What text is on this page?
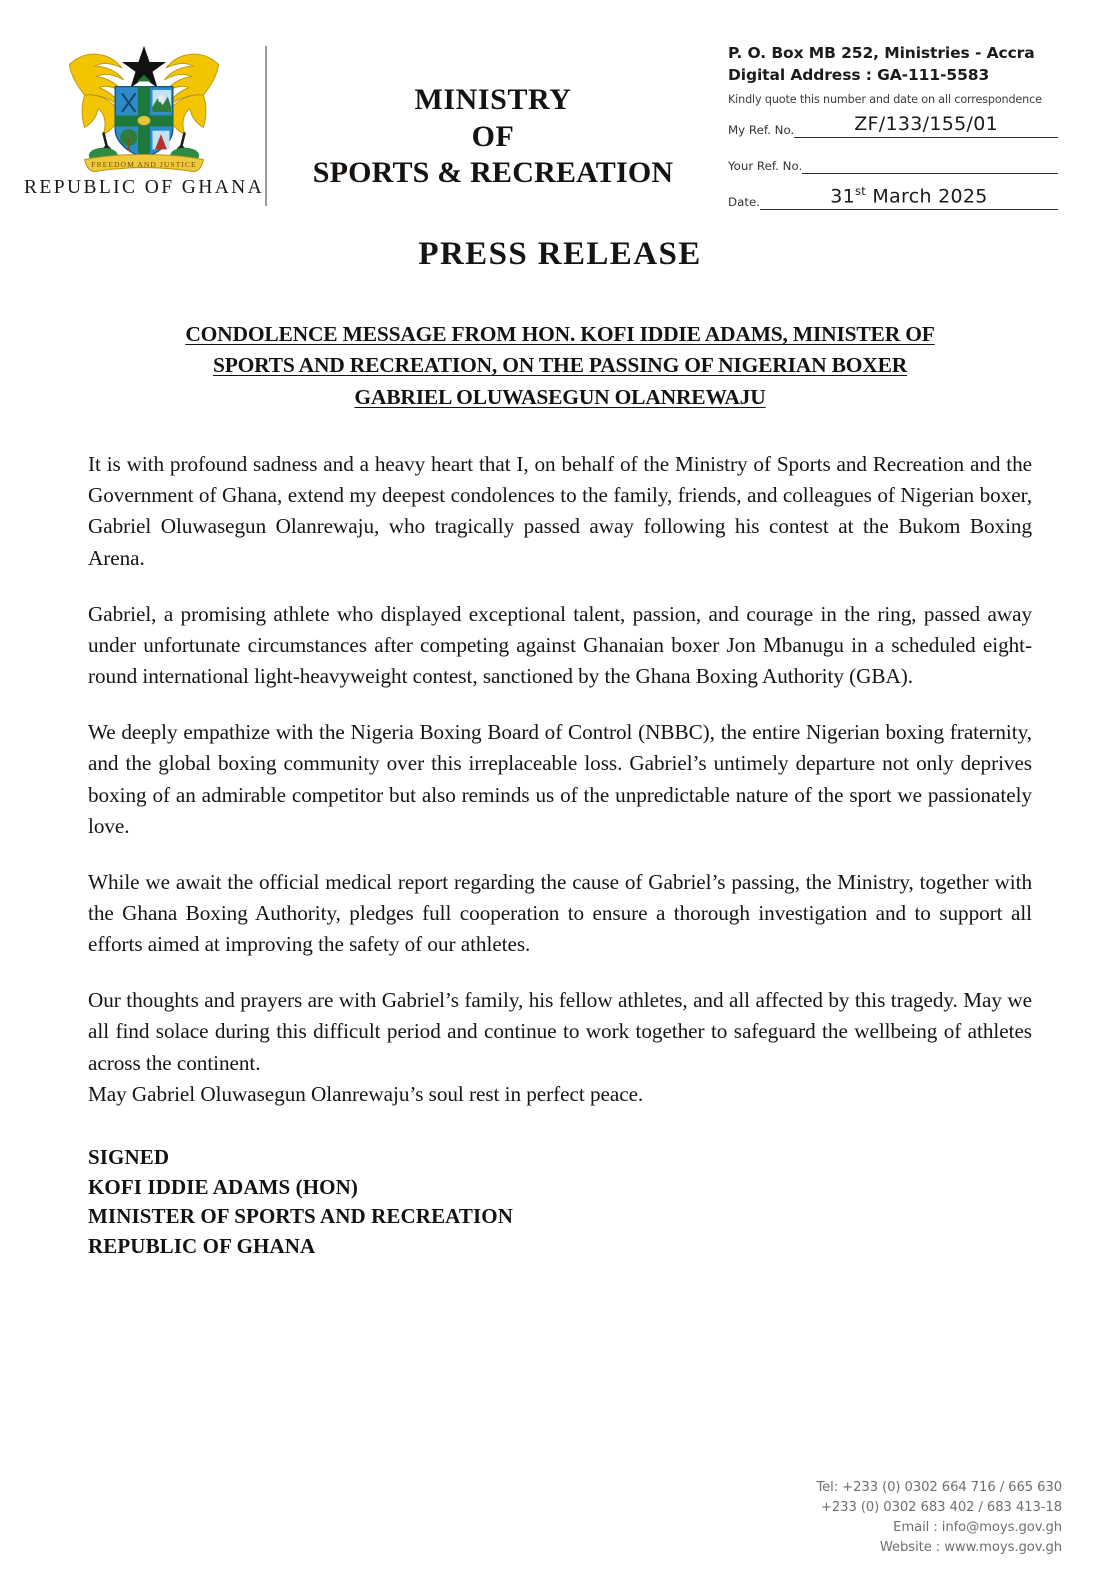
FREEDOM AND JUSTICE
REPUBLIC OF GHANA
MINISTRY
OF
SPORTS & RECREATION
P. O. Box MB 252, Ministries - Accra
Digital Address : GA-111-5583
Kindly quote this number and date on all correspondence
My Ref. No.	ZF/133/155/01
Your Ref. No.
Date.	31st March 2025
PRESS RELEASE
CONDOLENCE MESSAGE FROM HON. KOFI IDDIE ADAMS, MINISTER OF
SPORTS AND RECREATION, ON THE PASSING OF NIGERIAN BOXER
GABRIEL OLUWASEGUN OLANREWAJU

It is with profound sadness and a heavy heart that I, on behalf of the Ministry of Sports and Recreation and the Government of Ghana, extend my deepest condolences to the family, friends, and colleagues of Nigerian boxer, Gabriel Oluwasegun Olanrewaju, who tragically passed away following his contest at the Bukom Boxing Arena.

Gabriel, a promising athlete who displayed exceptional talent, passion, and courage in the ring, passed away under unfortunate circumstances after competing against Ghanaian boxer Jon Mbanugu in a scheduled eight-round international light-heavyweight contest, sanctioned by the Ghana Boxing Authority (GBA).

We deeply empathize with the Nigeria Boxing Board of Control (NBBC), the entire Nigerian boxing fraternity, and the global boxing community over this irreplaceable loss. Gabriel’s untimely departure not only deprives boxing of an admirable competitor but also reminds us of the unpredictable nature of the sport we passionately love.

While we await the official medical report regarding the cause of Gabriel’s passing, the Ministry, together with the Ghana Boxing Authority, pledges full cooperation to ensure a thorough investigation and to support all efforts aimed at improving the safety of our athletes.

Our thoughts and prayers are with Gabriel’s family, his fellow athletes, and all affected by this tragedy. May we all find solace during this difficult period and continue to work together to safeguard the wellbeing of athletes across the continent.
May Gabriel Oluwasegun Olanrewaju’s soul rest in perfect peace.

SIGNED
KOFI IDDIE ADAMS (HON)
MINISTER OF SPORTS AND RECREATION
REPUBLIC OF GHANA
Tel: +233 (0) 0302 664 716 / 665 630
+233 (0) 0302 683 402 / 683 413-18
Email : info@moys.gov.gh
Website : www.moys.gov.gh
